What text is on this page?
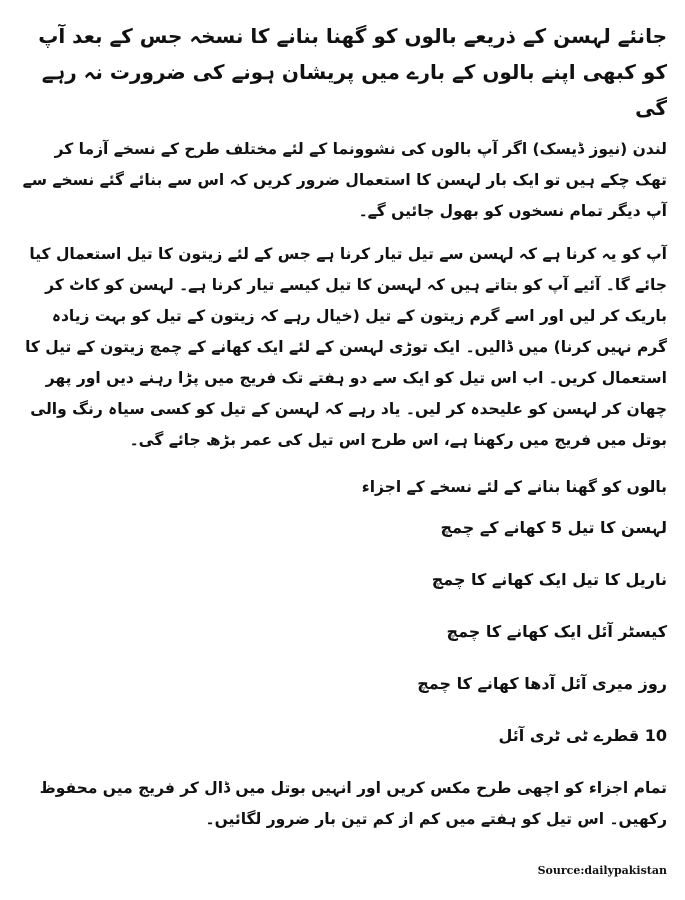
جانئے لہسن کے ذریعے بالوں کو گھنا بنانے کا نسخہ جس کے بعد آپ کو کبھی اپنے بالوں کے بارے میں پریشان ہونے کی ضرورت نہ رہے گی

لندن (نیوز ڈیسک) اگر آپ بالوں کی نشوونما کے لئے مختلف طرح کے نسخے آزما کر تھک چکے ہیں تو ایک بار لہسن کا استعمال ضرور کریں کہ اس سے بنائے گئے نسخے سے آپ دیگر تمام نسخوں کو بھول جائیں گے۔

آپ کو یہ کرنا ہے کہ لہسن سے تیل تیار کرنا ہے جس کے لئے زیتون کا تیل استعمال کیا جائے گا۔ آئیے آپ کو بتاتے ہیں کہ لہسن کا تیل کیسے تیار کرنا ہے۔ لہسن کو کاٹ کر باریک کر لیں اور اسے گرم زیتون کے تیل (خیال رہے کہ زیتون کے تیل کو بہت زیادہ گرم نہیں کرنا) میں ڈالیں۔ ایک توڑی لہسن کے لئے ایک کھانے کے چمچ زیتون کے تیل کا استعمال کریں۔ اب اس تیل کو ایک سے دو ہفتے تک فریج میں پڑا رہنے دیں اور پھر چھان کر لہسن کو علیحدہ کر لیں۔ یاد رہے کہ لہسن کے تیل کو کسی سیاہ رنگ والی بوتل میں فریج میں رکھنا ہے، اس طرح اس تیل کی عمر بڑھ جائے گی۔

بالوں کو گھنا بنانے کے لئے نسخے کے اجزاء

لہسن کا تیل 5 کھانے کے چمچ
ناریل کا تیل ایک کھانے کا چمچ
کیسٹر آئل ایک کھانے کا چمچ
روز میری آئل آدھا کھانے کا چمچ
10 قطرے ٹی ٹری آئل

تمام اجزاء کو اچھی طرح مکس کریں اور انہیں بوتل میں ڈال کر فریج میں محفوظ رکھیں۔ اس تیل کو ہفتے میں کم از کم تین بار ضرور لگائیں۔

Source:dailypakistan
